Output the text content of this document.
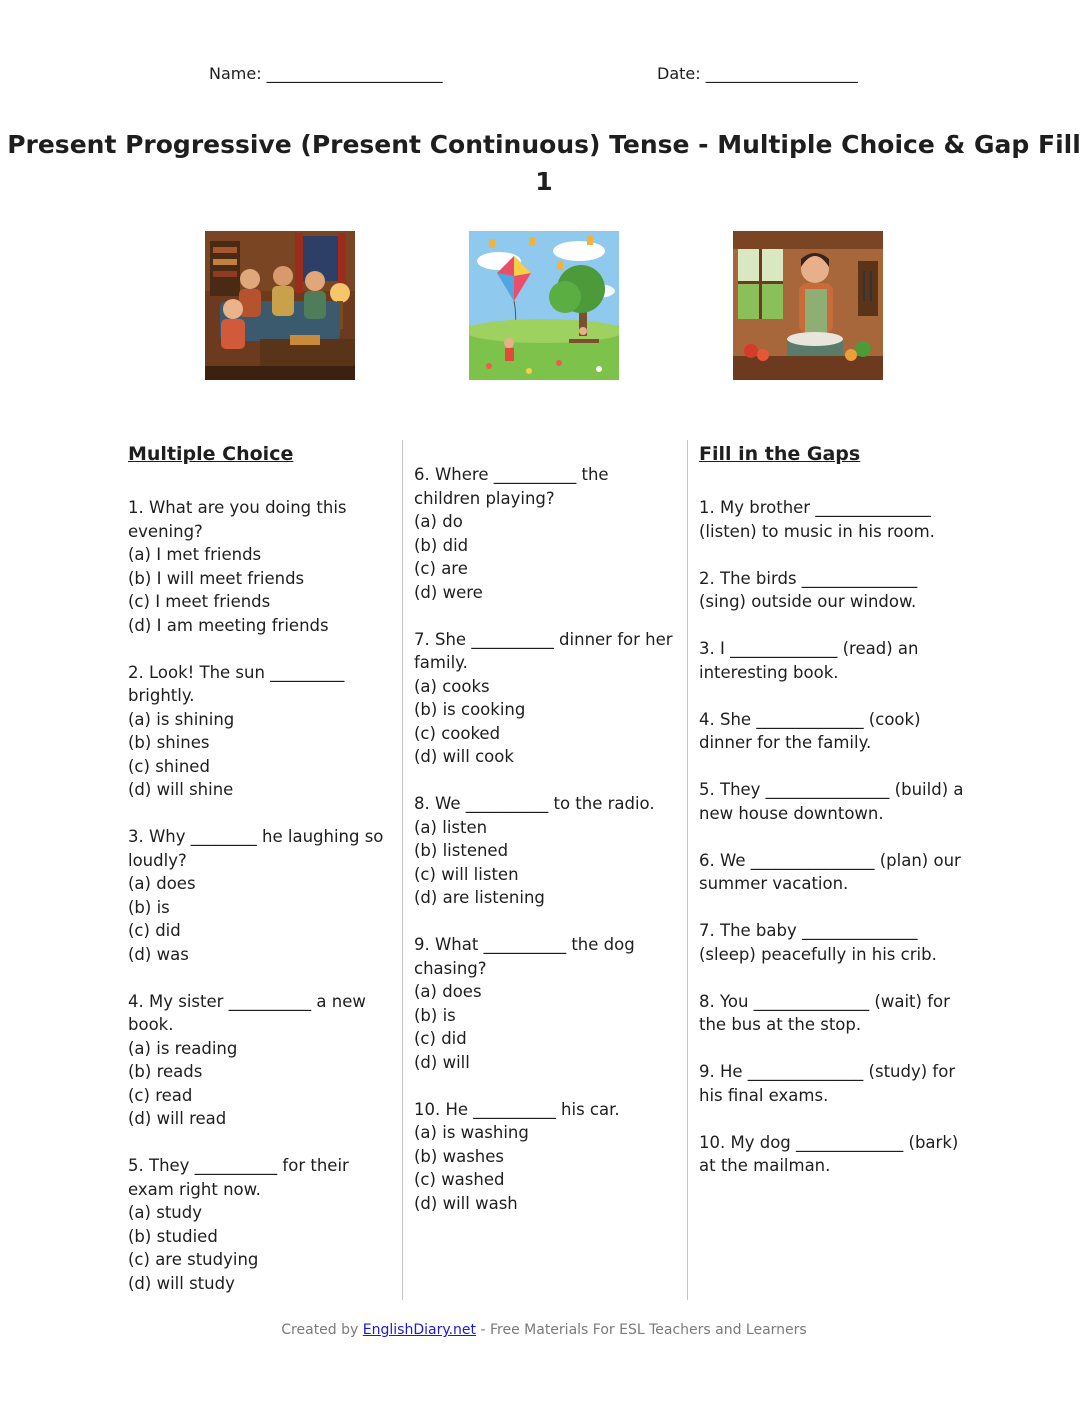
Name: ______________________	Date: ___________________
Present Progressive (Present Continuous) Tense - Multiple Choice & Gap Fill 1
Multiple Choice

1. What are you doing this evening?

(a) I met friends

(b) I will meet friends

(c) I meet friends

(d) I am meeting friends

2. Look! The sun _________ brightly.

(a) is shining

(b) shines

(c) shined

(d) will shine

3. Why ________ he laughing so loudly?

(a) does

(b) is

(c) did

(d) was

4. My sister __________ a new book.

(a) is reading

(b) reads

(c) read

(d) will read

5. They __________ for their exam right now.

(a) study

(b) studied

(c) are studying

(d) will study

6. Where __________ the children playing?

(a) do

(b) did

(c) are

(d) were

7. She __________ dinner for her family.

(a) cooks

(b) is cooking

(c) cooked

(d) will cook

8. We __________ to the radio.

(a) listen

(b) listened

(c) will listen

(d) are listening

9. What __________ the dog chasing?

(a) does

(b) is

(c) did

(d) will

10. He __________ his car.

(a) is washing

(b) washes

(c) washed

(d) will wash

Fill in the Gaps

1. My brother ______________ (listen) to music in his room.

2. The birds ______________ (sing) outside our window.

3. I _____________ (read) an interesting book.

4. She _____________ (cook) dinner for the family.

5. They _______________ (build) a new house downtown.

6. We _______________ (plan) our summer vacation.

7. The baby ______________ (sleep) peacefully in his crib.

8. You ______________ (wait) for the bus at the stop.

9. He ______________ (study) for his final exams.

10. My dog _____________ (bark) at the mailman.

Created by EnglishDiary.net - Free Materials For ESL Teachers and Learners
